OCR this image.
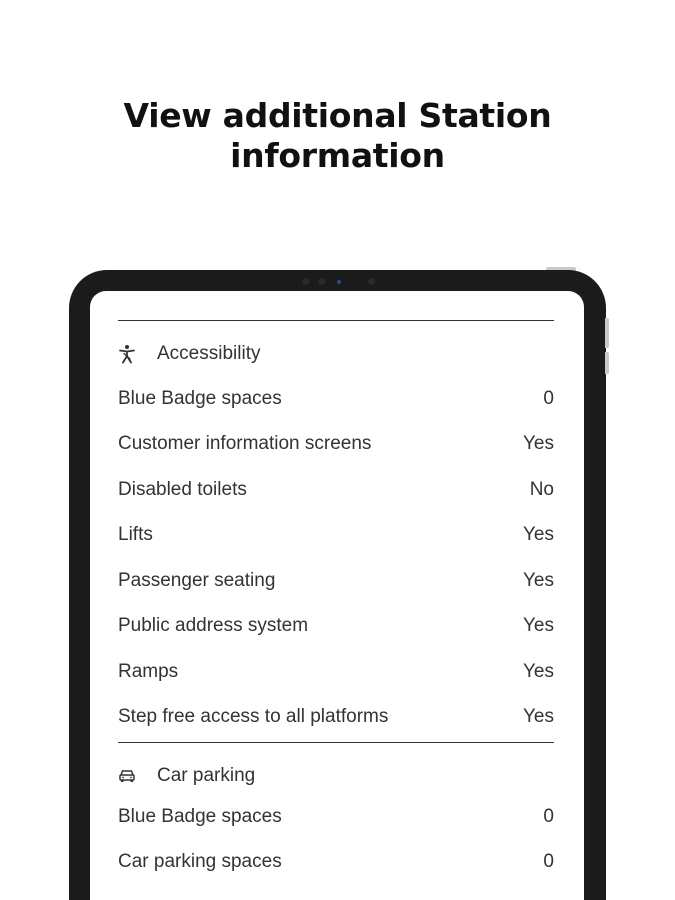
View additional Station
information
Accessibility
Blue Badge spaces	0
Customer information screens	Yes
Disabled toilets	No
Lifts	Yes
Passenger seating	Yes
Public address system	Yes
Ramps	Yes
Step free access to all platforms	Yes
Car parking
Blue Badge spaces	0
Car parking spaces	0
